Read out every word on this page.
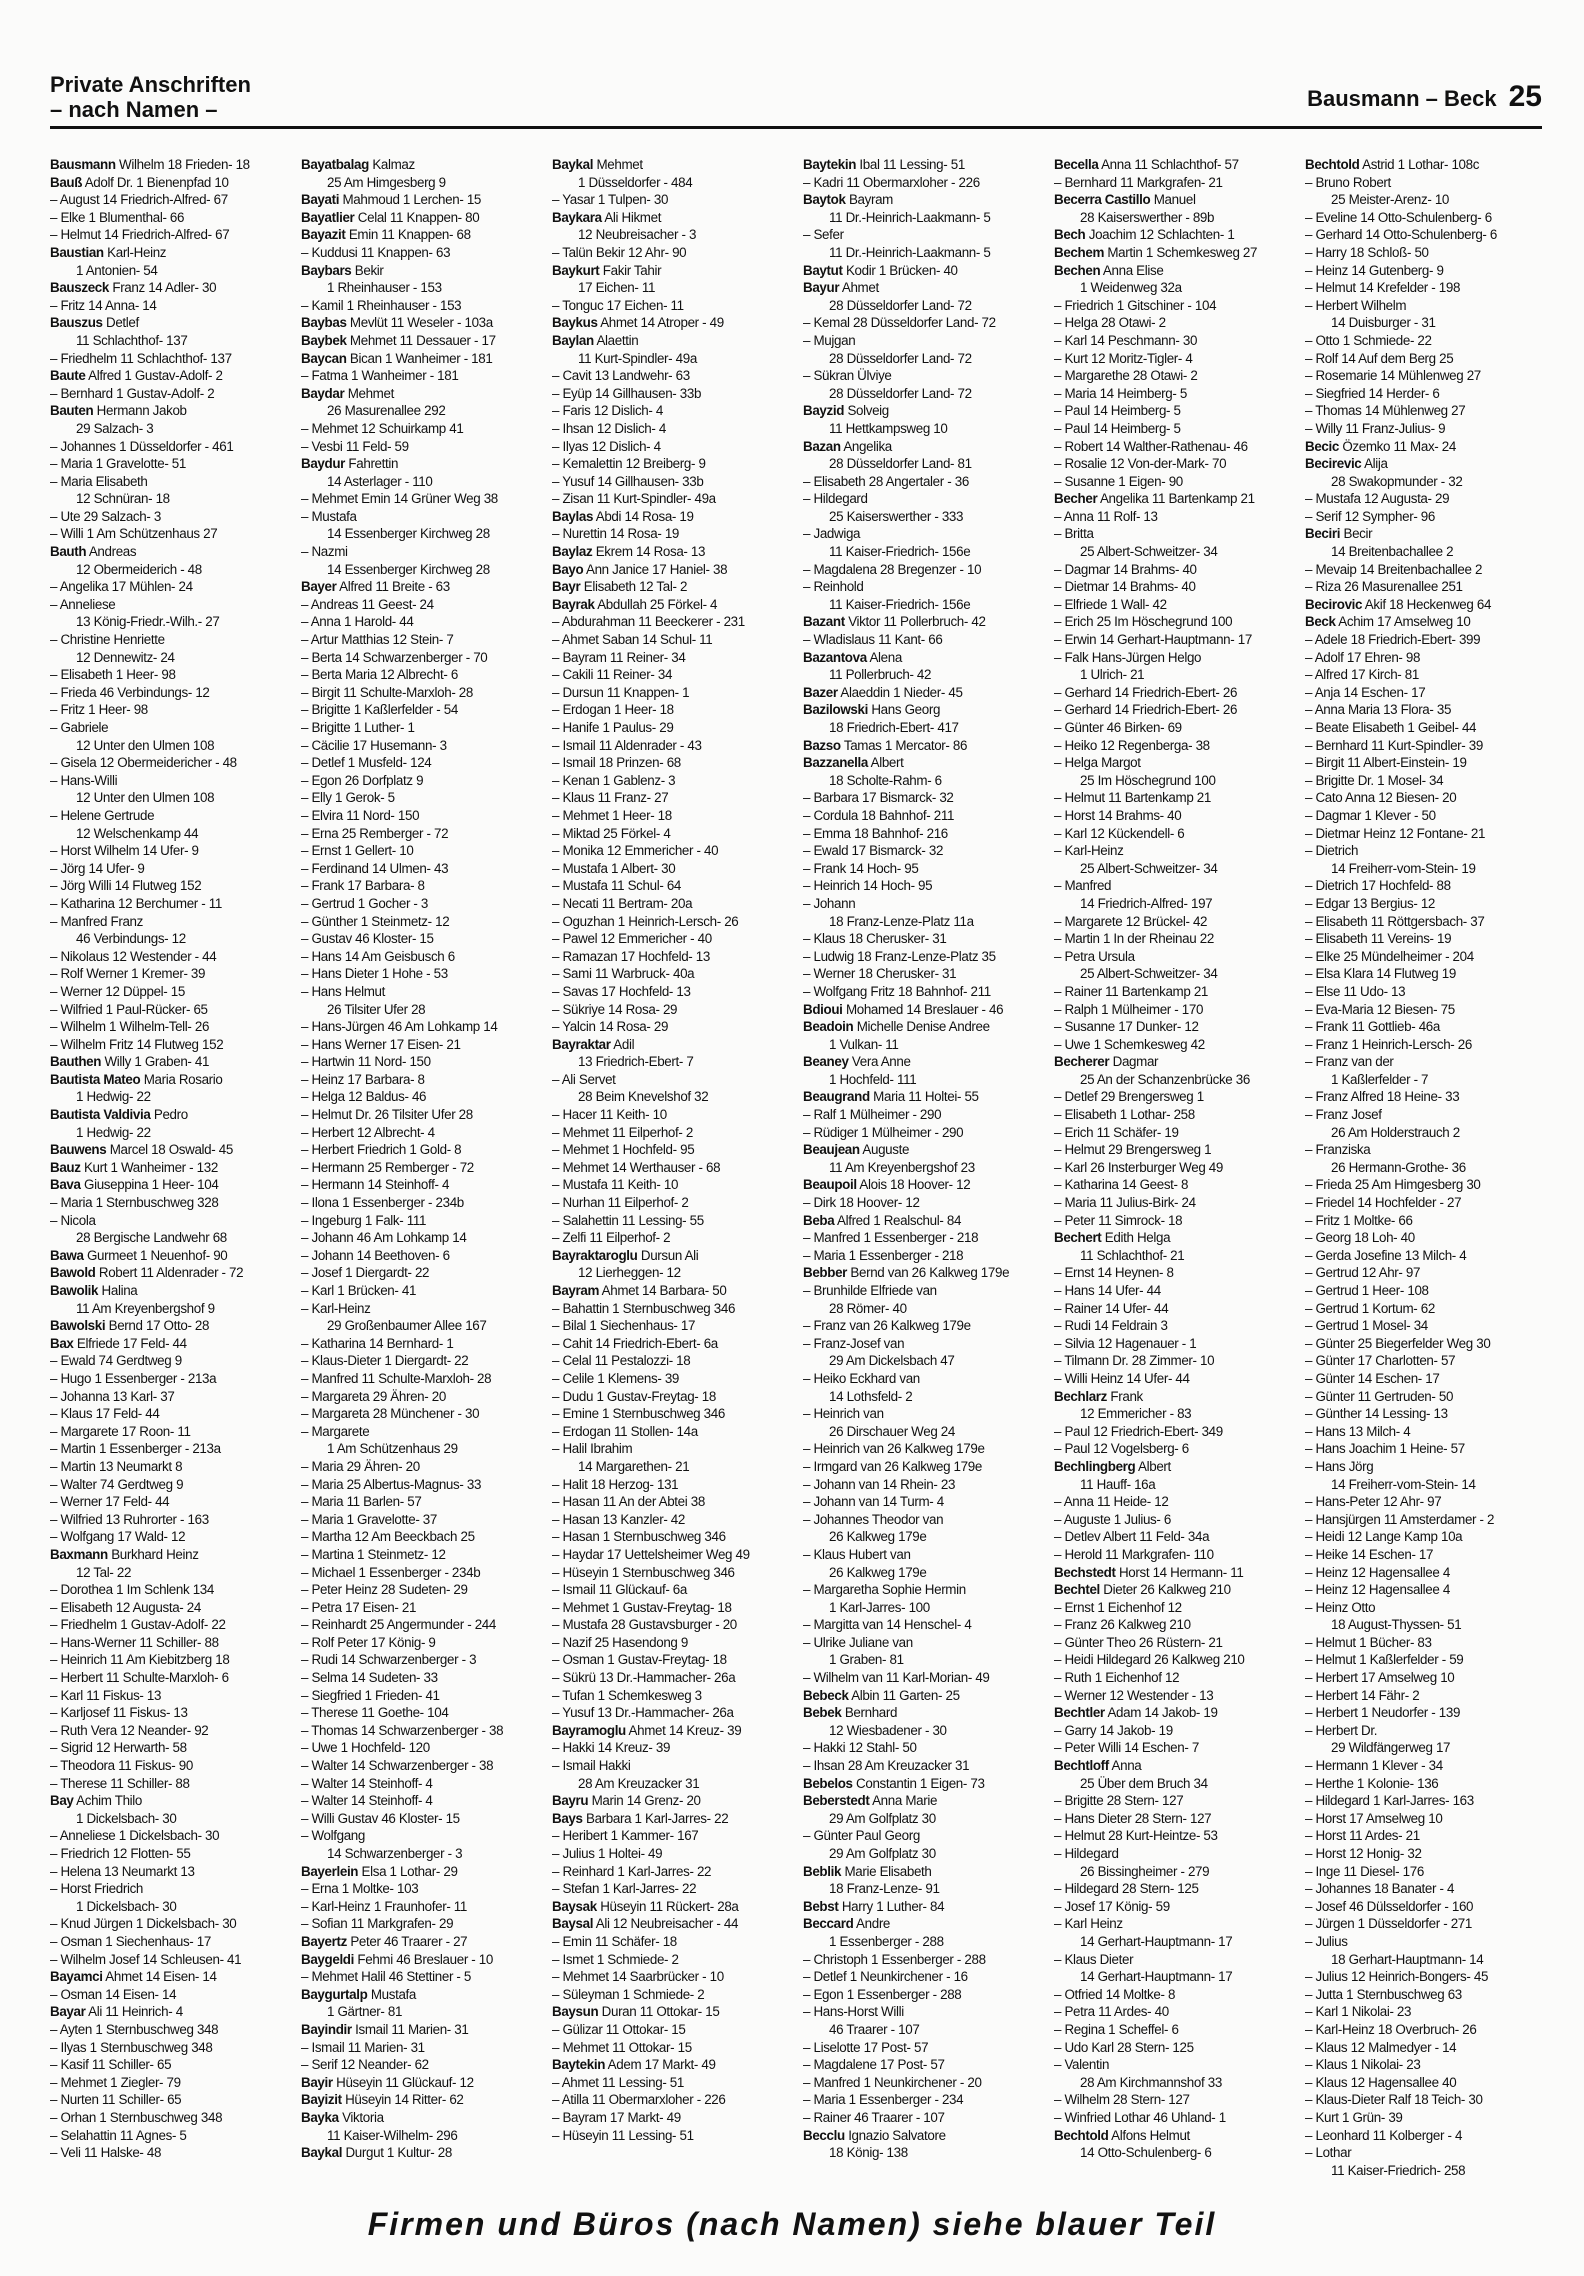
Private Anschriften
– nach Namen –	Bausmann – Beck 25
Bausmann Wilhelm 18 Frieden- 18
Bauß Adolf Dr. 1 Bienenpfad 10
– August 14 Friedrich-Alfred- 67
– Elke 1 Blumenthal- 66
– Helmut 14 Friedrich-Alfred- 67
Baustian Karl-Heinz
1 Antonien- 54
Bauszeck Franz 14 Adler- 30
– Fritz 14 Anna- 14
Bauszus Detlef
11 Schlachthof- 137
– Friedhelm 11 Schlachthof- 137
Baute Alfred 1 Gustav-Adolf- 2
– Bernhard 1 Gustav-Adolf- 2
Bauten Hermann Jakob
29 Salzach- 3
– Johannes 1 Düsseldorfer - 461
– Maria 1 Gravelotte- 51
– Maria Elisabeth
12 Schnüran- 18
– Ute 29 Salzach- 3
– Willi 1 Am Schützenhaus 27
Bauth Andreas
12 Obermeiderich - 48
– Angelika 17 Mühlen- 24
– Anneliese
13 König-Friedr.-Wilh.- 27
– Christine Henriette
12 Dennewitz- 24
– Elisabeth 1 Heer- 98
– Frieda 46 Verbindungs- 12
– Fritz 1 Heer- 98
– Gabriele
12 Unter den Ulmen 108
– Gisela 12 Obermeidericher - 48
– Hans-Willi
12 Unter den Ulmen 108
– Helene Gertrude
12 Welschenkamp 44
– Horst Wilhelm 14 Ufer- 9
– Jörg 14 Ufer- 9
– Jörg Willi 14 Flutweg 152
– Katharina 12 Berchumer - 11
– Manfred Franz
46 Verbindungs- 12
– Nikolaus 12 Westender - 44
– Rolf Werner 1 Kremer- 39
– Werner 12 Düppel- 15
– Wilfried 1 Paul-Rücker- 65
– Wilhelm 1 Wilhelm-Tell- 26
– Wilhelm Fritz 14 Flutweg 152
Bauthen Willy 1 Graben- 41
Bautista Mateo Maria Rosario
1 Hedwig- 22
Bautista Valdivia Pedro
1 Hedwig- 22
Bauwens Marcel 18 Oswald- 45
Bauz Kurt 1 Wanheimer - 132
Bava Giuseppina 1 Heer- 104
– Maria 1 Sternbuschweg 328
– Nicola
28 Bergische Landwehr 68
Bawa Gurmeet 1 Neuenhof- 90
Bawold Robert 11 Aldenrader - 72
Bawolik Halina
11 Am Kreyenbergshof 9
Bawolski Bernd 17 Otto- 28
Bax Elfriede 17 Feld- 44
– Ewald 74 Gerdtweg 9
– Hugo 1 Essenberger - 213a
– Johanna 13 Karl- 37
– Klaus 17 Feld- 44
– Margarete 17 Roon- 11
– Martin 1 Essenberger - 213a
– Martin 13 Neumarkt 8
– Walter 74 Gerdtweg 9
– Werner 17 Feld- 44
– Wilfried 13 Ruhrorter - 163
– Wolfgang 17 Wald- 12
Baxmann Burkhard Heinz
12 Tal- 22
– Dorothea 1 Im Schlenk 134
– Elisabeth 12 Augusta- 24
– Friedhelm 1 Gustav-Adolf- 22
– Hans-Werner 11 Schiller- 88
– Heinrich 11 Am Kiebitzberg 18
– Herbert 11 Schulte-Marxloh- 6
– Karl 11 Fiskus- 13
– Karljosef 11 Fiskus- 13
– Ruth Vera 12 Neander- 92
– Sigrid 12 Herwarth- 58
– Theodora 11 Fiskus- 90
– Therese 11 Schiller- 88
Bay Achim Thilo
1 Dickelsbach- 30
– Anneliese 1 Dickelsbach- 30
– Friedrich 12 Flotten- 55
– Helena 13 Neumarkt 13
– Horst Friedrich
1 Dickelsbach- 30
– Knud Jürgen 1 Dickelsbach- 30
– Osman 1 Siechenhaus- 17
– Wilhelm Josef 14 Schleusen- 41
Bayamci Ahmet 14 Eisen- 14
– Osman 14 Eisen- 14
Bayar Ali 11 Heinrich- 4
– Ayten 1 Sternbuschweg 348
– Ilyas 1 Sternbuschweg 348
– Kasif 11 Schiller- 65
– Mehmet 1 Ziegler- 79
– Nurten 11 Schiller- 65
– Orhan 1 Sternbuschweg 348
– Selahattin 11 Agnes- 5
– Veli 11 Halske- 48
Bayatbalag Kalmaz
25 Am Himgesberg 9
Bayati Mahmoud 1 Lerchen- 15
Bayatlier Celal 11 Knappen- 80
Bayazit Emin 11 Knappen- 68
– Kuddusi 11 Knappen- 63
Baybars Bekir
1 Rheinhauser - 153
– Kamil 1 Rheinhauser - 153
Baybas Mevlüt 11 Weseler - 103a
Baybek Mehmet 11 Dessauer - 17
Baycan Bican 1 Wanheimer - 181
– Fatma 1 Wanheimer - 181
Baydar Mehmet
26 Masurenallee 292
– Mehmet 12 Schuirkamp 41
– Vesbi 11 Feld- 59
Baydur Fahrettin
14 Asterlager - 110
– Mehmet Emin 14 Grüner Weg 38
– Mustafa
14 Essenberger Kirchweg 28
– Nazmi
14 Essenberger Kirchweg 28
Bayer Alfred 11 Breite - 63
– Andreas 11 Geest- 24
– Anna 1 Harold- 44
– Artur Matthias 12 Stein- 7
– Berta 14 Schwarzenberger - 70
– Berta Maria 12 Albrecht- 6
– Birgit 11 Schulte-Marxloh- 28
– Brigitte 1 Kaßlerfelder - 54
– Brigitte 1 Luther- 1
– Cäcilie 17 Husemann- 3
– Detlef 1 Musfeld- 124
– Egon 26 Dorfplatz 9
– Elly 1 Gerok- 5
– Elvira 11 Nord- 150
– Erna 25 Remberger - 72
– Ernst 1 Gellert- 10
– Ferdinand 14 Ulmen- 43
– Frank 17 Barbara- 8
– Gertrud 1 Gocher - 3
– Günther 1 Steinmetz- 12
– Gustav 46 Kloster- 15
– Hans 14 Am Geisbusch 6
– Hans Dieter 1 Hohe - 53
– Hans Helmut
26 Tilsiter Ufer 28
– Hans-Jürgen 46 Am Lohkamp 14
– Hans Werner 17 Eisen- 21
– Hartwin 11 Nord- 150
– Heinz 17 Barbara- 8
– Helga 12 Baldus- 46
– Helmut Dr. 26 Tilsiter Ufer 28
– Herbert 12 Albrecht- 4
– Herbert Friedrich 1 Gold- 8
– Hermann 25 Remberger - 72
– Hermann 14 Steinhoff- 4
– Ilona 1 Essenberger - 234b
– Ingeburg 1 Falk- 111
– Johann 46 Am Lohkamp 14
– Johann 14 Beethoven- 6
– Josef 1 Diergardt- 22
– Karl 1 Brücken- 41
– Karl-Heinz
29 Großenbaumer Allee 167
– Katharina 14 Bernhard- 1
– Klaus-Dieter 1 Diergardt- 22
– Manfred 11 Schulte-Marxloh- 28
– Margareta 29 Ähren- 20
– Margareta 28 Münchener - 30
– Margarete
1 Am Schützenhaus 29
– Maria 29 Ähren- 20
– Maria 25 Albertus-Magnus- 33
– Maria 11 Barlen- 57
– Maria 1 Gravelotte- 37
– Martha 12 Am Beeckbach 25
– Martina 1 Steinmetz- 12
– Michael 1 Essenberger - 234b
– Peter Heinz 28 Sudeten- 29
– Petra 17 Eisen- 21
– Reinhardt 25 Angermunder - 244
– Rolf Peter 17 König- 9
– Rudi 14 Schwarzenberger - 3
– Selma 14 Sudeten- 33
– Siegfried 1 Frieden- 41
– Therese 11 Goethe- 104
– Thomas 14 Schwarzenberger - 38
– Uwe 1 Hochfeld- 120
– Walter 14 Schwarzenberger - 38
– Walter 14 Steinhoff- 4
– Walter 14 Steinhoff- 4
– Willi Gustav 46 Kloster- 15
– Wolfgang
14 Schwarzenberger - 3
Bayerlein Elsa 1 Lothar- 29
– Erna 1 Moltke- 103
– Karl-Heinz 1 Fraunhofer- 11
– Sofian 11 Markgrafen- 29
Bayertz Peter 46 Traarer - 27
Baygeldi Fehmi 46 Breslauer - 10
– Mehmet Halil 46 Stettiner - 5
Baygurtalp Mustafa
1 Gärtner- 81
Bayindir Ismail 11 Marien- 31
– Ismail 11 Marien- 31
– Serif 12 Neander- 62
Bayir Hüseyin 11 Glückauf- 12
Bayizit Hüseyin 14 Ritter- 62
Bayka Viktoria
11 Kaiser-Wilhelm- 296
Baykal Durgut 1 Kultur- 28
Baykal Mehmet
1 Düsseldorfer - 484
– Yasar 1 Tulpen- 30
Baykara Ali Hikmet
12 Neubreisacher - 3
– Talün Bekir 12 Ahr- 90
Baykurt Fakir Tahir
17 Eichen- 11
– Tonguc 17 Eichen- 11
Baykus Ahmet 14 Atroper - 49
Baylan Alaettin
11 Kurt-Spindler- 49a
– Cavit 13 Landwehr- 63
– Eyüp 14 Gillhausen- 33b
– Faris 12 Dislich- 4
– Ihsan 12 Dislich- 4
– Ilyas 12 Dislich- 4
– Kemalettin 12 Breiberg- 9
– Yusuf 14 Gillhausen- 33b
– Zisan 11 Kurt-Spindler- 49a
Baylas Abdi 14 Rosa- 19
– Nurettin 14 Rosa- 19
Baylaz Ekrem 14 Rosa- 13
Bayo Ann Janice 17 Haniel- 38
Bayr Elisabeth 12 Tal- 2
Bayrak Abdullah 25 Förkel- 4
– Abdurahman 11 Beeckerer - 231
– Ahmet Saban 14 Schul- 11
– Bayram 11 Reiner- 34
– Cakili 11 Reiner- 34
– Dursun 11 Knappen- 1
– Erdogan 1 Heer- 18
– Hanife 1 Paulus- 29
– Ismail 11 Aldenrader - 43
– Ismail 18 Prinzen- 68
– Kenan 1 Gablenz- 3
– Klaus 11 Franz- 27
– Mehmet 1 Heer- 18
– Miktad 25 Förkel- 4
– Monika 12 Emmericher - 40
– Mustafa 1 Albert- 30
– Mustafa 11 Schul- 64
– Necati 11 Bertram- 20a
– Oguzhan 1 Heinrich-Lersch- 26
– Pawel 12 Emmericher - 40
– Ramazan 17 Hochfeld- 13
– Sami 11 Warbruck- 40a
– Savas 17 Hochfeld- 13
– Sükriye 14 Rosa- 29
– Yalcin 14 Rosa- 29
Bayraktar Adil
13 Friedrich-Ebert- 7
– Ali Servet
28 Beim Knevelshof 32
– Hacer 11 Keith- 10
– Mehmet 11 Eilperhof- 2
– Mehmet 1 Hochfeld- 95
– Mehmet 14 Werthauser - 68
– Mustafa 11 Keith- 10
– Nurhan 11 Eilperhof- 2
– Salahettin 11 Lessing- 55
– Zelfi 11 Eilperhof- 2
Bayraktaroglu Dursun Ali
12 Lierheggen- 12
Bayram Ahmet 14 Barbara- 50
– Bahattin 1 Sternbuschweg 346
– Bilal 1 Siechenhaus- 17
– Cahit 14 Friedrich-Ebert- 6a
– Celal 11 Pestalozzi- 18
– Celile 1 Klemens- 39
– Dudu 1 Gustav-Freytag- 18
– Emine 1 Sternbuschweg 346
– Erdogan 11 Stollen- 14a
– Halil Ibrahim
14 Margarethen- 21
– Halit 18 Herzog- 131
– Hasan 11 An der Abtei 38
– Hasan 13 Kanzler- 42
– Hasan 1 Sternbuschweg 346
– Haydar 17 Uettelsheimer Weg 49
– Hüseyin 1 Sternbuschweg 346
– Ismail 11 Glückauf- 6a
– Mehmet 1 Gustav-Freytag- 18
– Mustafa 28 Gustavsburger - 20
– Nazif 25 Hasendong 9
– Osman 1 Gustav-Freytag- 18
– Sükrü 13 Dr.-Hammacher- 26a
– Tufan 1 Schemkesweg 3
– Yusuf 13 Dr.-Hammacher- 26a
Bayramoglu Ahmet 14 Kreuz- 39
– Hakki 14 Kreuz- 39
– Ismail Hakki
28 Am Kreuzacker 31
Bayru Marin 14 Grenz- 20
Bays Barbara 1 Karl-Jarres- 22
– Heribert 1 Kammer- 167
– Julius 1 Holtei- 49
– Reinhard 1 Karl-Jarres- 22
– Stefan 1 Karl-Jarres- 22
Baysak Hüseyin 11 Rückert- 28a
Baysal Ali 12 Neubreisacher - 44
– Emin 11 Schäfer- 18
– Ismet 1 Schmiede- 2
– Mehmet 14 Saarbrücker - 10
– Süleyman 1 Schmiede- 2
Baysun Duran 11 Ottokar- 15
– Gülizar 11 Ottokar- 15
– Mehmet 11 Ottokar- 15
Baytekin Adem 17 Markt- 49
– Ahmet 11 Lessing- 51
– Atilla 11 Obermarxloher - 226
– Bayram 17 Markt- 49
– Hüseyin 11 Lessing- 51
Baytekin Ibal 11 Lessing- 51
– Kadri 11 Obermarxloher - 226
Baytok Bayram
11 Dr.-Heinrich-Laakmann- 5
– Sefer
11 Dr.-Heinrich-Laakmann- 5
Baytut Kodir 1 Brücken- 40
Bayur Ahmet
28 Düsseldorfer Land- 72
– Kemal 28 Düsseldorfer Land- 72
– Mujgan
28 Düsseldorfer Land- 72
– Sükran Ülviye
28 Düsseldorfer Land- 72
Bayzid Solveig
11 Hettkampsweg 10
Bazan Angelika
28 Düsseldorfer Land- 81
– Elisabeth 28 Angertaler - 36
– Hildegard
25 Kaiserswerther - 333
– Jadwiga
11 Kaiser-Friedrich- 156e
– Magdalena 28 Bregenzer - 10
– Reinhold
11 Kaiser-Friedrich- 156e
Bazant Viktor 11 Pollerbruch- 42
– Wladislaus 11 Kant- 66
Bazantova Alena
11 Pollerbruch- 42
Bazer Alaeddin 1 Nieder- 45
Bazilowski Hans Georg
18 Friedrich-Ebert- 417
Bazso Tamas 1 Mercator- 86
Bazzanella Albert
18 Scholte-Rahm- 6
– Barbara 17 Bismarck- 32
– Cordula 18 Bahnhof- 211
– Emma 18 Bahnhof- 216
– Ewald 17 Bismarck- 32
– Frank 14 Hoch- 95
– Heinrich 14 Hoch- 95
– Johann
18 Franz-Lenze-Platz 11a
– Klaus 18 Cherusker- 31
– Ludwig 18 Franz-Lenze-Platz 35
– Werner 18 Cherusker- 31
– Wolfgang Fritz 18 Bahnhof- 211
Bdioui Mohamed 14 Breslauer - 46
Beadoin Michelle Denise Andree
1 Vulkan- 11
Beaney Vera Anne
1 Hochfeld- 111
Beaugrand Maria 11 Holtei- 55
– Ralf 1 Mülheimer - 290
– Rüdiger 1 Mülheimer - 290
Beaujean Auguste
11 Am Kreyenbergshof 23
Beaupoil Alois 18 Hoover- 12
– Dirk 18 Hoover- 12
Beba Alfred 1 Realschul- 84
– Manfred 1 Essenberger - 218
– Maria 1 Essenberger - 218
Bebber Bernd van 26 Kalkweg 179e
– Brunhilde Elfriede van
28 Römer- 40
– Franz van 26 Kalkweg 179e
– Franz-Josef van
29 Am Dickelsbach 47
– Heiko Eckhard van
14 Lothsfeld- 2
– Heinrich van
26 Dirschauer Weg 24
– Heinrich van 26 Kalkweg 179e
– Irmgard van 26 Kalkweg 179e
– Johann van 14 Rhein- 23
– Johann van 14 Turm- 4
– Johannes Theodor van
26 Kalkweg 179e
– Klaus Hubert van
26 Kalkweg 179e
– Margaretha Sophie Hermin
1 Karl-Jarres- 100
– Margitta van 14 Henschel- 4
– Ulrike Juliane van
1 Graben- 81
– Wilhelm van 11 Karl-Morian- 49
Bebeck Albin 11 Garten- 25
Bebek Bernhard
12 Wiesbadener - 30
– Hakki 12 Stahl- 50
– Ihsan 28 Am Kreuzacker 31
Bebelos Constantin 1 Eigen- 73
Beberstedt Anna Marie
29 Am Golfplatz 30
– Günter Paul Georg
29 Am Golfplatz 30
Beblik Marie Elisabeth
18 Franz-Lenze- 91
Bebst Harry 1 Luther- 84
Beccard Andre
1 Essenberger - 288
– Christoph 1 Essenberger - 288
– Detlef 1 Neunkirchener - 16
– Egon 1 Essenberger - 288
– Hans-Horst Willi
46 Traarer - 107
– Liselotte 17 Post- 57
– Magdalene 17 Post- 57
– Manfred 1 Neunkirchener - 20
– Maria 1 Essenberger - 234
– Rainer 46 Traarer - 107
Becclu Ignazio Salvatore
18 König- 138
Becella Anna 11 Schlachthof- 57
– Bernhard 11 Markgrafen- 21
Becerra Castillo Manuel
28 Kaiserswerther - 89b
Bech Joachim 12 Schlachten- 1
Bechem Martin 1 Schemkesweg 27
Bechen Anna Elise
1 Weidenweg 32a
– Friedrich 1 Gitschiner - 104
– Helga 28 Otawi- 2
– Karl 14 Peschmann- 30
– Kurt 12 Moritz-Tigler- 4
– Margarethe 28 Otawi- 2
– Maria 14 Heimberg- 5
– Paul 14 Heimberg- 5
– Paul 14 Heimberg- 5
– Robert 14 Walther-Rathenau- 46
– Rosalie 12 Von-der-Mark- 70
– Susanne 1 Eigen- 90
Becher Angelika 11 Bartenkamp 21
– Anna 11 Rolf- 13
– Britta
25 Albert-Schweitzer- 34
– Dagmar 14 Brahms- 40
– Dietmar 14 Brahms- 40
– Elfriede 1 Wall- 42
– Erich 25 Im Höschegrund 100
– Erwin 14 Gerhart-Hauptmann- 17
– Falk Hans-Jürgen Helgo
1 Ulrich- 21
– Gerhard 14 Friedrich-Ebert- 26
– Gerhard 14 Friedrich-Ebert- 26
– Günter 46 Birken- 69
– Heiko 12 Regenberga- 38
– Helga Margot
25 Im Höschegrund 100
– Helmut 11 Bartenkamp 21
– Horst 14 Brahms- 40
– Karl 12 Kückendell- 6
– Karl-Heinz
25 Albert-Schweitzer- 34
– Manfred
14 Friedrich-Alfred- 197
– Margarete 12 Brückel- 42
– Martin 1 In der Rheinau 22
– Petra Ursula
25 Albert-Schweitzer- 34
– Rainer 11 Bartenkamp 21
– Ralph 1 Mülheimer - 170
– Susanne 17 Dunker- 12
– Uwe 1 Schemkesweg 42
Becherer Dagmar
25 An der Schanzenbrücke 36
– Detlef 29 Brengersweg 1
– Elisabeth 1 Lothar- 258
– Erich 11 Schäfer- 19
– Helmut 29 Brengersweg 1
– Karl 26 Insterburger Weg 49
– Katharina 14 Geest- 8
– Maria 11 Julius-Birk- 24
– Peter 11 Simrock- 18
Bechert Edith Helga
11 Schlachthof- 21
– Ernst 14 Heynen- 8
– Hans 14 Ufer- 44
– Rainer 14 Ufer- 44
– Rudi 14 Feldrain 3
– Silvia 12 Hagenauer - 1
– Tilmann Dr. 28 Zimmer- 10
– Willi Heinz 14 Ufer- 44
Bechlarz Frank
12 Emmericher - 83
– Paul 12 Friedrich-Ebert- 349
– Paul 12 Vogelsberg- 6
Bechlingberg Albert
11 Hauff- 16a
– Anna 11 Heide- 12
– Auguste 1 Julius- 6
– Detlev Albert 11 Feld- 34a
– Herold 11 Markgrafen- 110
Bechstedt Horst 14 Hermann- 11
Bechtel Dieter 26 Kalkweg 210
– Ernst 1 Eichenhof 12
– Franz 26 Kalkweg 210
– Günter Theo 26 Rüstern- 21
– Heidi Hildegard 26 Kalkweg 210
– Ruth 1 Eichenhof 12
– Werner 12 Westender - 13
Bechtler Adam 14 Jakob- 19
– Garry 14 Jakob- 19
– Peter Willi 14 Eschen- 7
Bechtloff Anna
25 Über dem Bruch 34
– Brigitte 28 Stern- 127
– Hans Dieter 28 Stern- 127
– Helmut 28 Kurt-Heintze- 53
– Hildegard
26 Bissingheimer - 279
– Hildegard 28 Stern- 125
– Josef 17 König- 59
– Karl Heinz
14 Gerhart-Hauptmann- 17
– Klaus Dieter
14 Gerhart-Hauptmann- 17
– Otfried 14 Moltke- 8
– Petra 11 Ardes- 40
– Regina 1 Scheffel- 6
– Udo Karl 28 Stern- 125
– Valentin
28 Am Kirchmannshof 33
– Wilhelm 28 Stern- 127
– Winfried Lothar 46 Uhland- 1
Bechtold Alfons Helmut
14 Otto-Schulenberg- 6
Bechtold Astrid 1 Lothar- 108c
– Bruno Robert
25 Meister-Arenz- 10
– Eveline 14 Otto-Schulenberg- 6
– Gerhard 14 Otto-Schulenberg- 6
– Harry 18 Schloß- 50
– Heinz 14 Gutenberg- 9
– Helmut 14 Krefelder - 198
– Herbert Wilhelm
14 Duisburger - 31
– Otto 1 Schmiede- 22
– Rolf 14 Auf dem Berg 25
– Rosemarie 14 Mühlenweg 27
– Siegfried 14 Herder- 6
– Thomas 14 Mühlenweg 27
– Willy 11 Franz-Julius- 9
Becic Özemko 11 Max- 24
Becirevic Alija
28 Swakopmunder - 32
– Mustafa 12 Augusta- 29
– Serif 12 Sympher- 96
Beciri Becir
14 Breitenbachallee 2
– Mevaip 14 Breitenbachallee 2
– Riza 26 Masurenallee 251
Becirovic Akif 18 Heckenweg 64
Beck Achim 17 Amselweg 10
– Adele 18 Friedrich-Ebert- 399
– Adolf 17 Ehren- 98
– Alfred 17 Kirch- 81
– Anja 14 Eschen- 17
– Anna Maria 13 Flora- 35
– Beate Elisabeth 1 Geibel- 44
– Bernhard 11 Kurt-Spindler- 39
– Birgit 11 Albert-Einstein- 19
– Brigitte Dr. 1 Mosel- 34
– Cato Anna 12 Biesen- 20
– Dagmar 1 Klever - 50
– Dietmar Heinz 12 Fontane- 21
– Dietrich
14 Freiherr-vom-Stein- 19
– Dietrich 17 Hochfeld- 88
– Edgar 13 Bergius- 12
– Elisabeth 11 Röttgersbach- 37
– Elisabeth 11 Vereins- 19
– Elke 25 Mündelheimer - 204
– Elsa Klara 14 Flutweg 19
– Else 11 Udo- 13
– Eva-Maria 12 Biesen- 75
– Frank 11 Gottlieb- 46a
– Franz 1 Heinrich-Lersch- 26
– Franz van der
1 Kaßlerfelder - 7
– Franz Alfred 18 Heine- 33
– Franz Josef
26 Am Holderstrauch 2
– Franziska
26 Hermann-Grothe- 36
– Frieda 25 Am Himgesberg 30
– Friedel 14 Hochfelder - 27
– Fritz 1 Moltke- 66
– Georg 18 Loh- 40
– Gerda Josefine 13 Milch- 4
– Gertrud 12 Ahr- 97
– Gertrud 1 Heer- 108
– Gertrud 1 Kortum- 62
– Gertrud 1 Mosel- 34
– Günter 25 Biegerfelder Weg 30
– Günter 17 Charlotten- 57
– Günter 14 Eschen- 17
– Günter 11 Gertruden- 50
– Günther 14 Lessing- 13
– Hans 13 Milch- 4
– Hans Joachim 1 Heine- 57
– Hans Jörg
14 Freiherr-vom-Stein- 14
– Hans-Peter 12 Ahr- 97
– Hansjürgen 11 Amsterdamer - 2
– Heidi 12 Lange Kamp 10a
– Heike 14 Eschen- 17
– Heinz 12 Hagensallee 4
– Heinz 12 Hagensallee 4
– Heinz Otto
18 August-Thyssen- 51
– Helmut 1 Bücher- 83
– Helmut 1 Kaßlerfelder - 59
– Herbert 17 Amselweg 10
– Herbert 14 Fähr- 2
– Herbert 1 Neudorfer - 139
– Herbert Dr.
29 Wildfängerweg 17
– Hermann 1 Klever - 34
– Herthe 1 Kolonie- 136
– Hildegard 1 Karl-Jarres- 163
– Horst 17 Amselweg 10
– Horst 11 Ardes- 21
– Horst 12 Honig- 32
– Inge 11 Diesel- 176
– Johannes 18 Banater - 4
– Josef 46 Dülsseldorfer - 160
– Jürgen 1 Düsseldorfer - 271
– Julius
18 Gerhart-Hauptmann- 14
– Julius 12 Heinrich-Bongers- 45
– Jutta 1 Sternbuschweg 63
– Karl 1 Nikolai- 23
– Karl-Heinz 18 Overbruch- 26
– Klaus 12 Malmedyer - 14
– Klaus 1 Nikolai- 23
– Klaus 12 Hagensallee 40
– Klaus-Dieter Ralf 18 Teich- 30
– Kurt 1 Grün- 39
– Leonhard 11 Kolberger - 4
– Lothar
11 Kaiser-Friedrich- 258
Firmen und Büros (nach Namen) siehe blauer Teil
